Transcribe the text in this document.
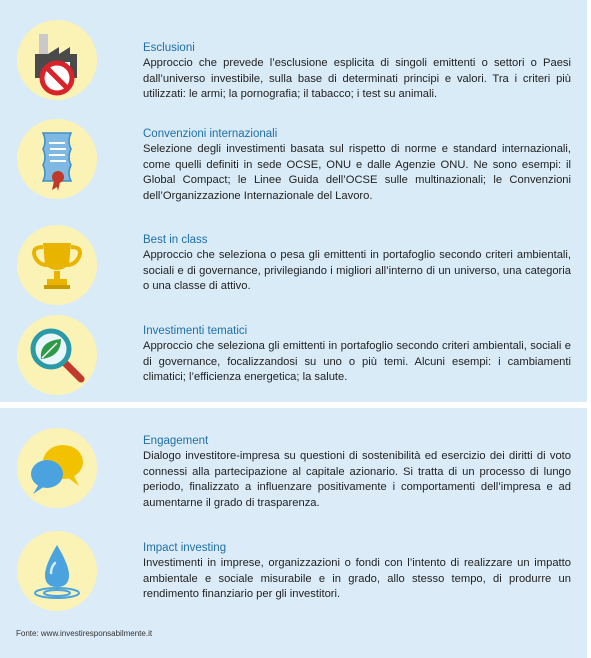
Esclusioni

Approccio che prevede l’esclusione esplicita di singoli emittenti o settori o Paesi dall’universo investibile, sulla base di determinati principi e valori. Tra i criteri più utilizzati: le armi; la pornografia; il tabacco; i test su animali.

Convenzioni internazionali

Selezione degli investimenti basata sul rispetto di norme e standard internazionali, come quelli definiti in sede OCSE, ONU e dalle Agenzie ONU. Ne sono esempi: il Global Compact; le Linee Guida dell’OCSE sulle multinazionali; le Convenzioni dell’Organizzazione Internazionale del Lavoro.

Best in class

Approccio che seleziona o pesa gli emittenti in portafoglio secondo criteri ambientali, sociali e di governance, privilegiando i migliori all’interno di un universo, una categoria o una classe di attivo.

Investimenti tematici

Approccio che seleziona gli emittenti in portafoglio secondo criteri ambientali, sociali e di governance, focalizzandosi su uno o più temi. Alcuni esempi: i cambiamenti climatici; l’efficienza energetica; la salute.

Engagement

Dialogo investitore-impresa su questioni di sostenibilità ed esercizio dei diritti di voto connessi alla partecipazione al capitale azionario. Si tratta di un processo di lungo periodo, finalizzato a influenzare positivamente i comportamenti dell’impresa e ad aumentarne il grado di trasparenza.

Impact investing

Investimenti in imprese, organizzazioni o fondi con l’intento di realizzare un impatto ambientale e sociale misurabile e in grado, allo stesso tempo, di produrre un rendimento finanziario per gli investitori.

Fonte: www.investiresponsabilmente.it
